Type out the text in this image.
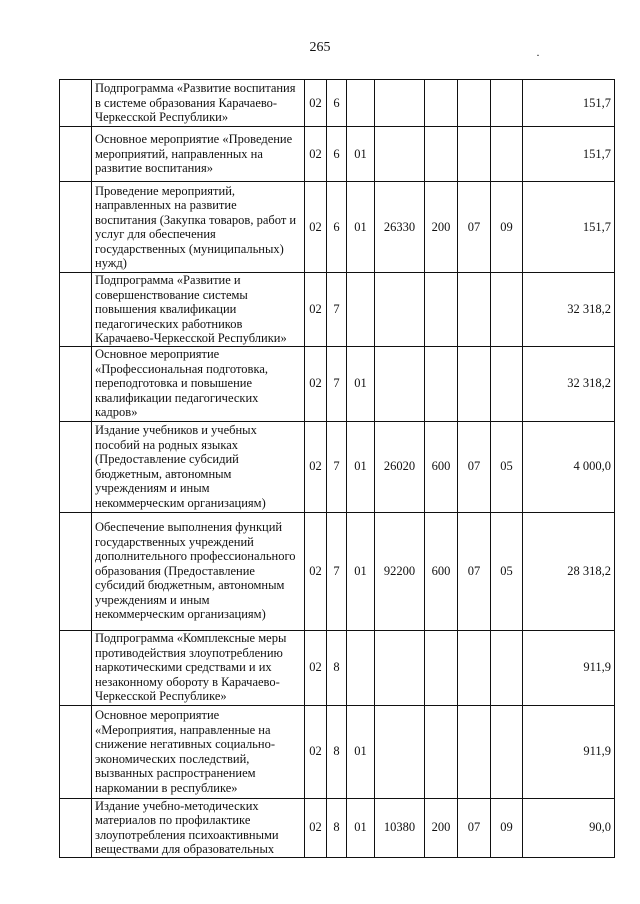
265	·
	Подпрограмма «Развитие воспитания в системе образования Карачаево-Черкесской Республики»	02	6						151,7
	Основное мероприятие «Проведение мероприятий, направленных на развитие воспитания»	02	6	01					151,7
	Проведение мероприятий, направленных на развитие воспитания (Закупка товаров, работ и услуг для обеспечения государственных (муниципальных) нужд)	02	6	01	26330	200	07	09	151,7
	Подпрограмма «Развитие и совершенствование системы повышения квалификации педагогических работников Карачаево-Черкесской Республики»	02	7						32 318,2
	Основное мероприятие «Профессиональная подготовка, переподготовка и повышение квалификации педагогических кадров»	02	7	01					32 318,2
	Издание учебников и учебных пособий на родных языках (Предоставление субсидий бюджетным, автономным учреждениям и иным некоммерческим организациям)	02	7	01	26020	600	07	05	4 000,0
	Обеспечение выполнения функций государственных учреждений дополнительного профессионального образования (Предоставление субсидий бюджетным, автономным учреждениям и иным некоммерческим организациям)	02	7	01	92200	600	07	05	28 318,2
	Подпрограмма «Комплексные меры противодействия злоупотреблению наркотическими средствами и их незаконному обороту в Карачаево-Черкесской Республике»	02	8						911,9
	Основное мероприятие «Мероприятия, направленные на снижение негативных социально-экономических последствий, вызванных распространением наркомании в республике»	02	8	01					911,9
	Издание учебно-методических материалов по профилактике злоупотребления психоактивными веществами для образовательных	02	8	01	10380	200	07	09	90,0
